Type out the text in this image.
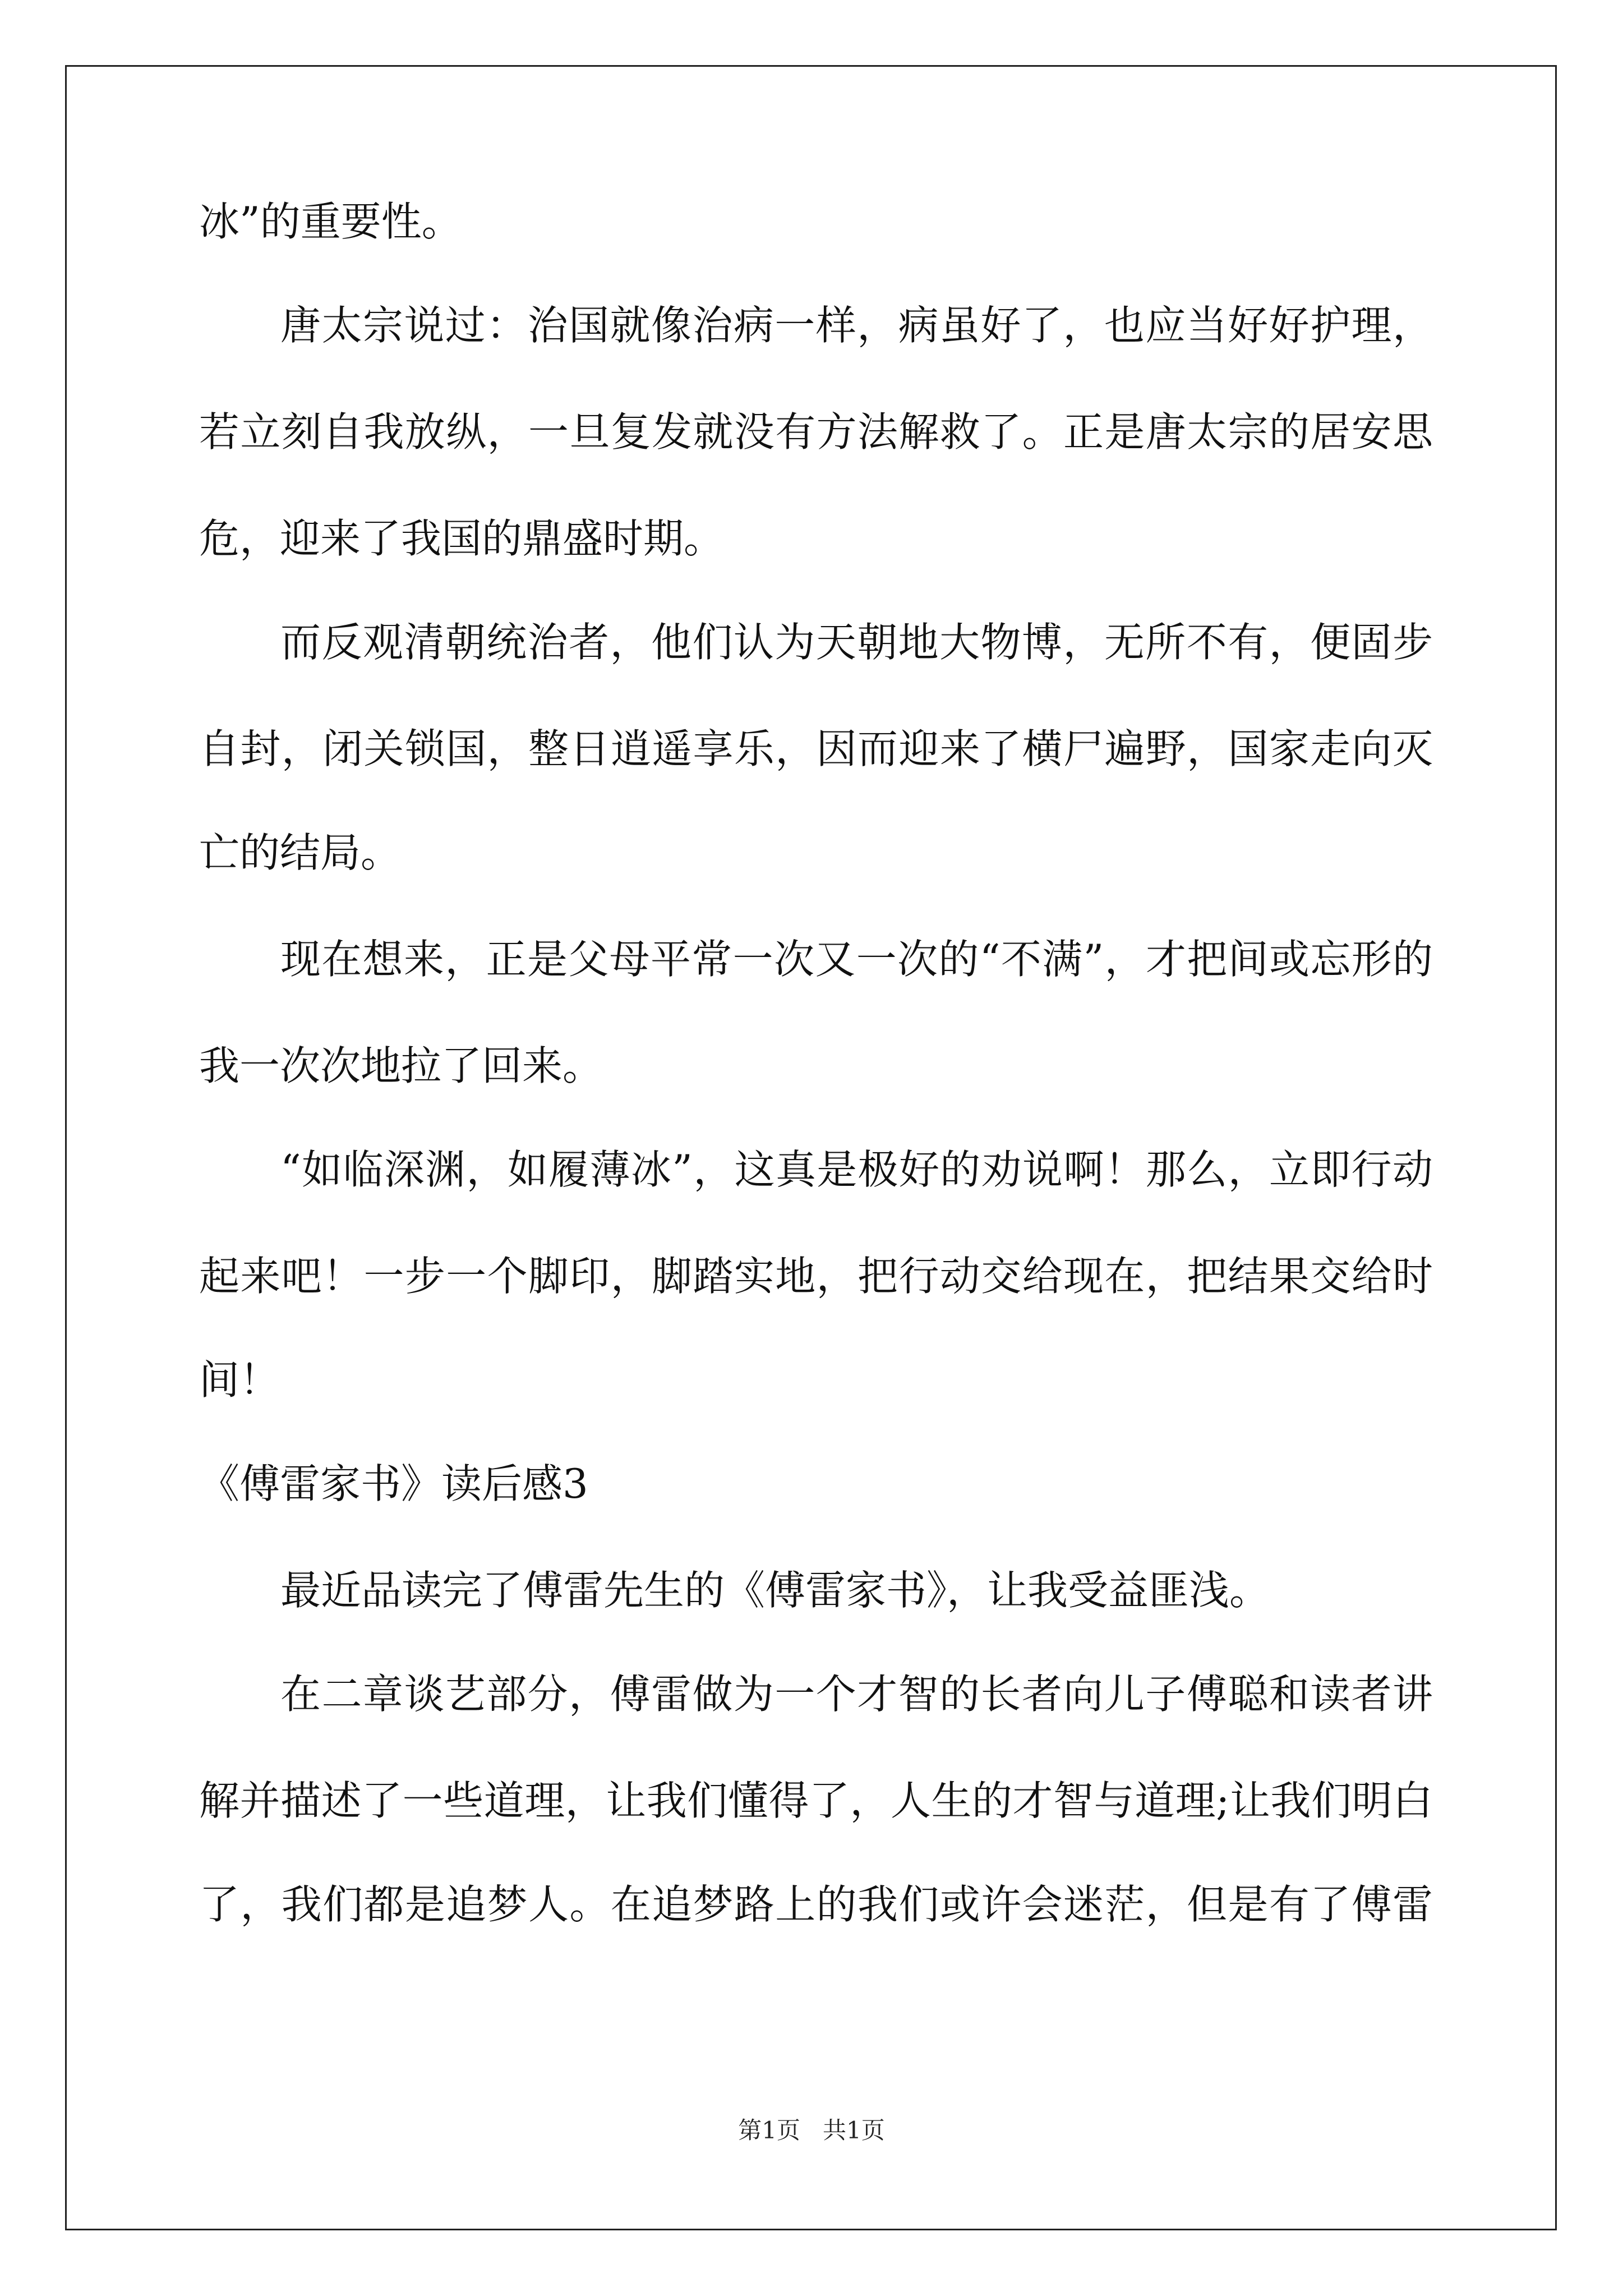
冰”的重要性。
唐太宗说过：治国就像治病一样，病虽好了，也应当好好护理，
若立刻自我放纵，一旦复发就没有方法解救了。正是唐太宗的居安思
危，迎来了我国的鼎盛时期。
而反观清朝统治者，他们认为天朝地大物博，无所不有，便固步
自封，闭关锁国，整日逍遥享乐，因而迎来了横尸遍野，国家走向灭
亡的结局。
现在想来，正是父母平常一次又一次的“不满”，才把间或忘形的
我一次次地拉了回来。
“如临深渊，如履薄冰”，这真是极好的劝说啊！那么，立即行动
起来吧！一步一个脚印，脚踏实地，把行动交给现在，把结果交给时
间！
《傅雷家书》读后感3
最近品读完了傅雷先生的《傅雷家书》，让我受益匪浅。
在二章谈艺部分，傅雷做为一个才智的长者向儿子傅聪和读者讲
解并描述了一些道理，让我们懂得了，人生的才智与道理;让我们明白
了，我们都是追梦人。在追梦路上的我们或许会迷茫，但是有了傅雷
第1页   共1页
